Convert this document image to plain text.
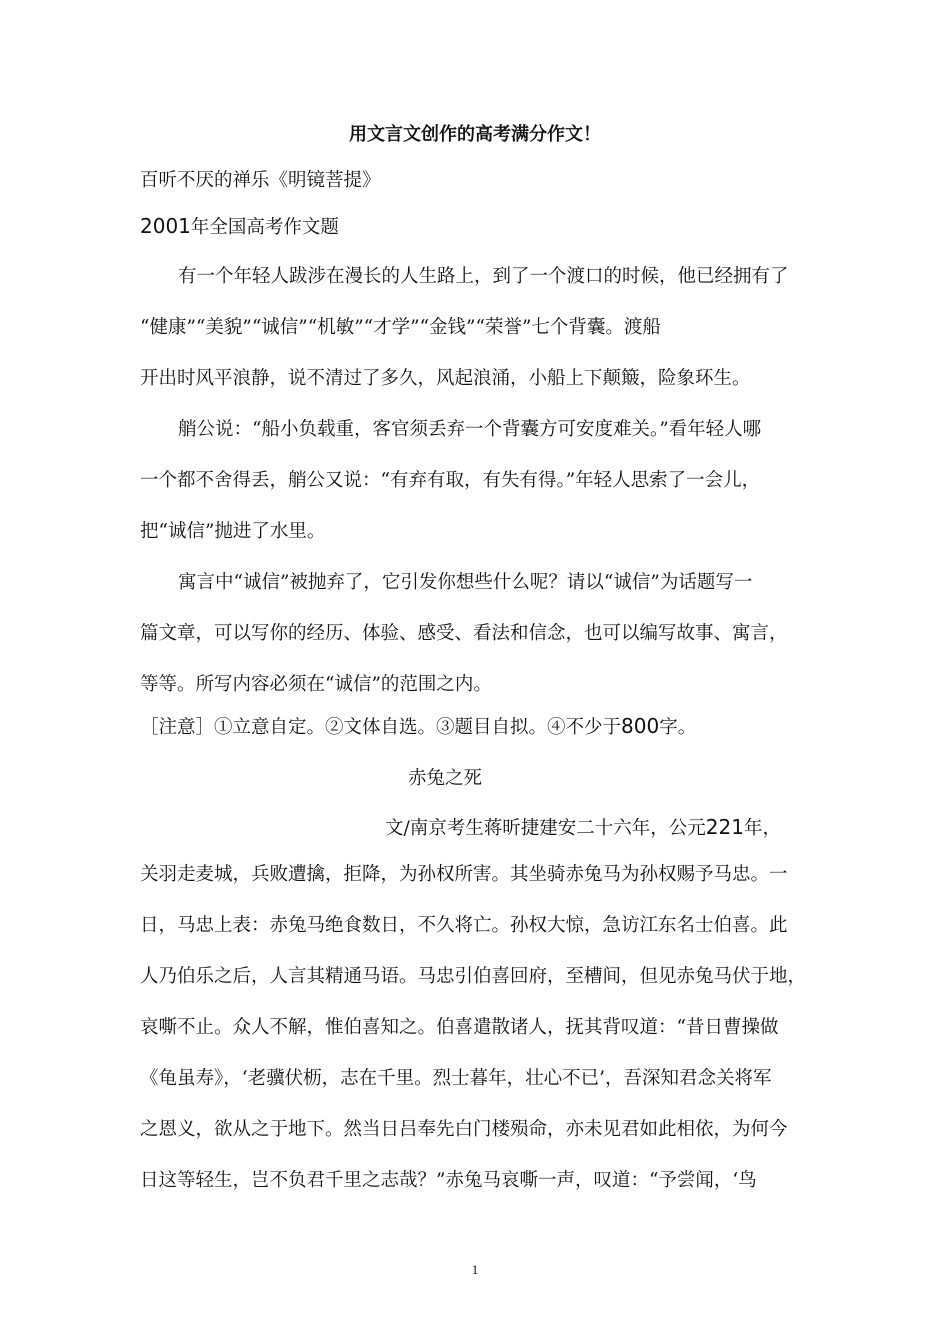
用文言文创作的高考满分作文！
百听不厌的禅乐《明镜菩提》
2001年全国高考作文题
有一个年轻人跋涉在漫长的人生路上，到了一个渡口的时候，他已经拥有了
“健康”“美貌”“诚信”“机敏”“才学”“金钱”“荣誉”七个背囊。渡船
开出时风平浪静，说不清过了多久，风起浪涌，小船上下颠簸，险象环生。
艄公说：“船小负载重，客官须丢弃一个背囊方可安度难关。”看年轻人哪
一个都不舍得丢，艄公又说：“有弃有取，有失有得。”年轻人思索了一会儿，
把“诚信”抛进了水里。
寓言中“诚信”被抛弃了，它引发你想些什么呢？请以“诚信”为话题写一
篇文章，可以写你的经历、体验、感受、看法和信念，也可以编写故事、寓言，
等等。所写内容必须在“诚信”的范围之内。
［注意］①立意自定。②文体自选。③题目自拟。④不少于800字。
赤兔之死
文/南京考生蒋昕捷建安二十六年，公元221年，
关羽走麦城，兵败遭擒，拒降，为孙权所害。其坐骑赤兔马为孙权赐予马忠。一
日，马忠上表：赤兔马绝食数日，不久将亡。孙权大惊，急访江东名士伯喜。此
人乃伯乐之后，人言其精通马语。马忠引伯喜回府，至槽间，但见赤兔马伏于地，
哀嘶不止。众人不解，惟伯喜知之。伯喜遣散诸人，抚其背叹道：“昔日曹操做
《龟虽寿》，‘老骥伏枥，志在千里。烈士暮年，壮心不已’，吾深知君念关将军
之恩义，欲从之于地下。然当日吕奉先白门楼殒命，亦未见君如此相依，为何今
日这等轻生，岂不负君千里之志哉？”赤兔马哀嘶一声，叹道：“予尝闻，‘鸟
1
